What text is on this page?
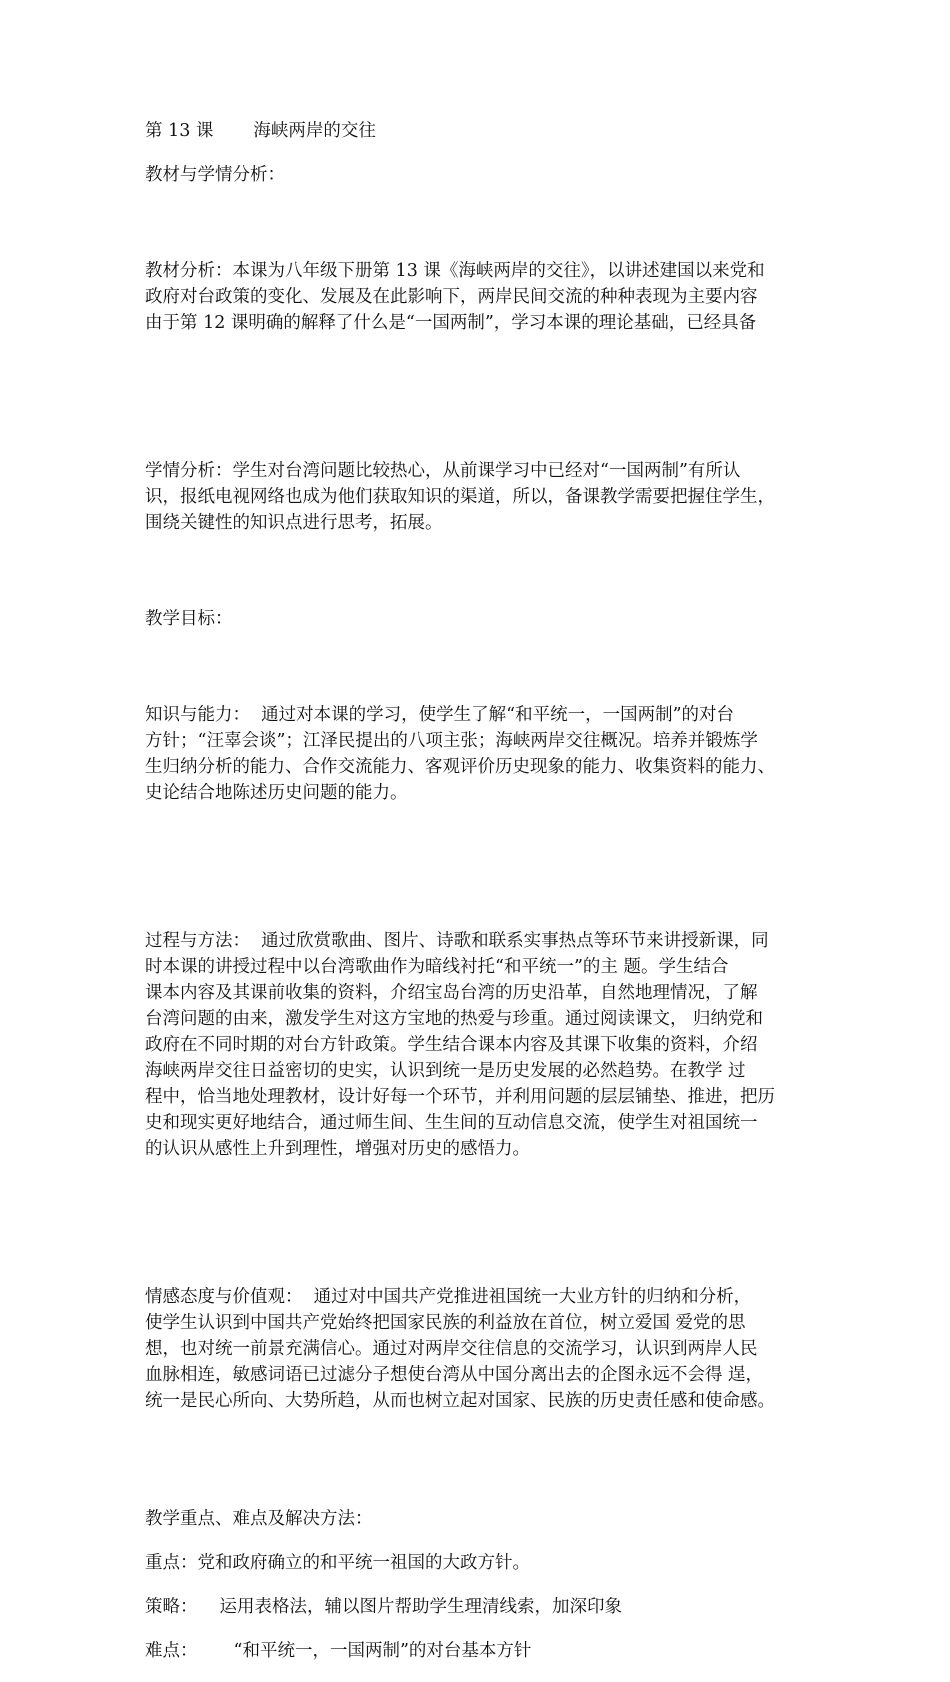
第 13 课 海峡两岸的交往

教材与学情分析：

教材分析：本课为八年级下册第 13 课《海峡两岸的交往》，以讲述建国以来党和
政府对台政策的变化、发展及在此影响下，两岸民间交流的种种表现为主要内容
由于第 12 课明确的解释了什么是“一国两制”，学习本课的理论基础，已经具备

学情分析：学生对台湾问题比较热心，从前课学习中已经对“一国两制”有所认
识，报纸电视网络也成为他们获取知识的渠道，所以，备课教学需要把握住学生，
围绕关键性的知识点进行思考，拓展。

教学目标：

知识与能力：  通过对本课的学习，使学生了解“和平统一，一国两制”的对台
方针；“汪辜会谈”；江泽民提出的八项主张；海峡两岸交往概况。培养并锻炼学
生归纳分析的能力、合作交流能力、客观评价历史现象的能力、收集资料的能力、
史论结合地陈述历史问题的能力。

过程与方法：  通过欣赏歌曲、图片、诗歌和联系实事热点等环节来讲授新课，同
时本课的讲授过程中以台湾歌曲作为暗线衬托“和平统一”的主 题。学生结合
课本内容及其课前收集的资料，介绍宝岛台湾的历史沿革，自然地理情况，了解
台湾问题的由来，激发学生对这方宝地的热爱与珍重。通过阅读课文， 归纳党和
政府在不同时期的对台方针政策。学生结合课本内容及其课下收集的资料，介绍
海峡两岸交往日益密切的史实，认识到统一是历史发展的必然趋势。在教学 过
程中，恰当地处理教材，设计好每一个环节，并利用问题的层层铺垫、推进，把历
史和现实更好地结合，通过师生间、生生间的互动信息交流，使学生对祖国统一
的认识从感性上升到理性，增强对历史的感悟力。

情感态度与价值观：  通过对中国共产党推进祖国统一大业方针的归纳和分析，
使学生认识到中国共产党始终把国家民族的利益放在首位，树立爱国 爱党的思
想，也对统一前景充满信心。通过对两岸交往信息的交流学习，认识到两岸人民
血脉相连，敏感词语已过滤分子想使台湾从中国分离出去的企图永远不会得 逞，
统一是民心所向、大势所趋，从而也树立起对国家、民族的历史责任感和使命感。

教学重点、难点及解决方法：

重点：党和政府确立的和平统一祖国的大政方针。

策略： 运用表格法，辅以图片帮助学生理清线索，加深印象

难点： “和平统一，一国两制”的对台基本方针
